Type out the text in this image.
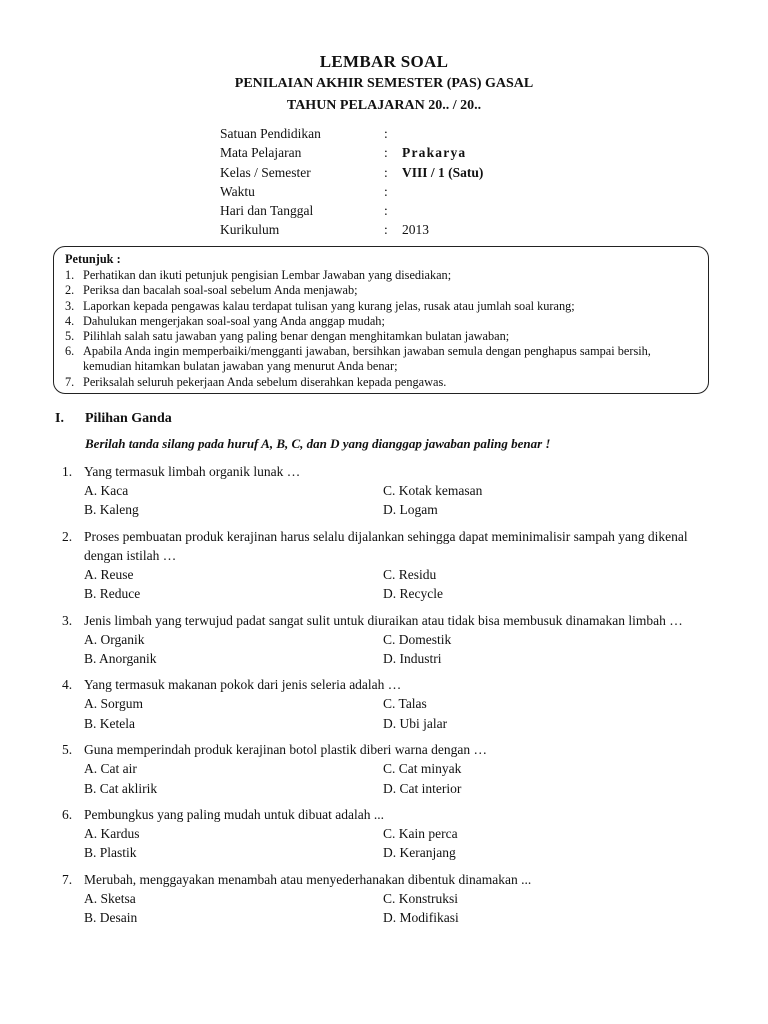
LEMBAR SOAL
PENILAIAN AKHIR SEMESTER (PAS) GASAL
TAHUN PELAJARAN 20.. / 20..
Satuan Pendidikan	:
Mata Pelajaran	: Prakarya
Kelas / Semester	: VIII / 1 (Satu)
Waktu	:
Hari dan Tanggal	:
Kurikulum	: 2013
Petunjuk :
1. Perhatikan dan ikuti petunjuk pengisian Lembar Jawaban yang disediakan;
2. Periksa dan bacalah soal-soal sebelum Anda menjawab;
3. Laporkan kepada pengawas kalau terdapat tulisan yang kurang jelas, rusak atau jumlah soal kurang;
4. Dahulukan mengerjakan soal-soal yang Anda anggap mudah;
5. Pilihlah salah satu jawaban yang paling benar dengan menghitamkan bulatan jawaban;
6. Apabila Anda ingin memperbaiki/mengganti jawaban, bersihkan jawaban semula dengan penghapus sampai bersih, kemudian hitamkan bulatan jawaban yang menurut Anda benar;
7. Periksalah seluruh pekerjaan Anda sebelum diserahkan kepada pengawas.
I. Pilihan Ganda
Berilah tanda silang pada huruf A, B, C, dan D yang dianggap jawaban paling benar !
1. Yang termasuk limbah organik lunak …
A. Kaca	C. Kotak kemasan
B. Kaleng	D. Logam
2. Proses pembuatan produk kerajinan harus selalu dijalankan sehingga dapat meminimalisir sampah yang dikenal dengan istilah …
A. Reuse	C. Residu
B. Reduce	D. Recycle
3. Jenis limbah yang terwujud padat sangat sulit untuk diuraikan atau tidak bisa membusuk dinamakan limbah …
A. Organik	C. Domestik
B. Anorganik	D. Industri
4. Yang termasuk makanan pokok dari jenis seleria adalah …
A. Sorgum	C. Talas
B. Ketela	D. Ubi jalar
5. Guna memperindah produk kerajinan botol plastik diberi warna dengan …
A. Cat air	C. Cat minyak
B. Cat aklirik	D. Cat interior
6. Pembungkus yang paling mudah untuk dibuat adalah ...
A. Kardus	C. Kain perca
B. Plastik	D. Keranjang
7. Merubah, menggayakan menambah atau menyederhanakan dibentuk dinamakan ...
A. Sketsa	C. Konstruksi
B. Desain	D. Modifikasi
